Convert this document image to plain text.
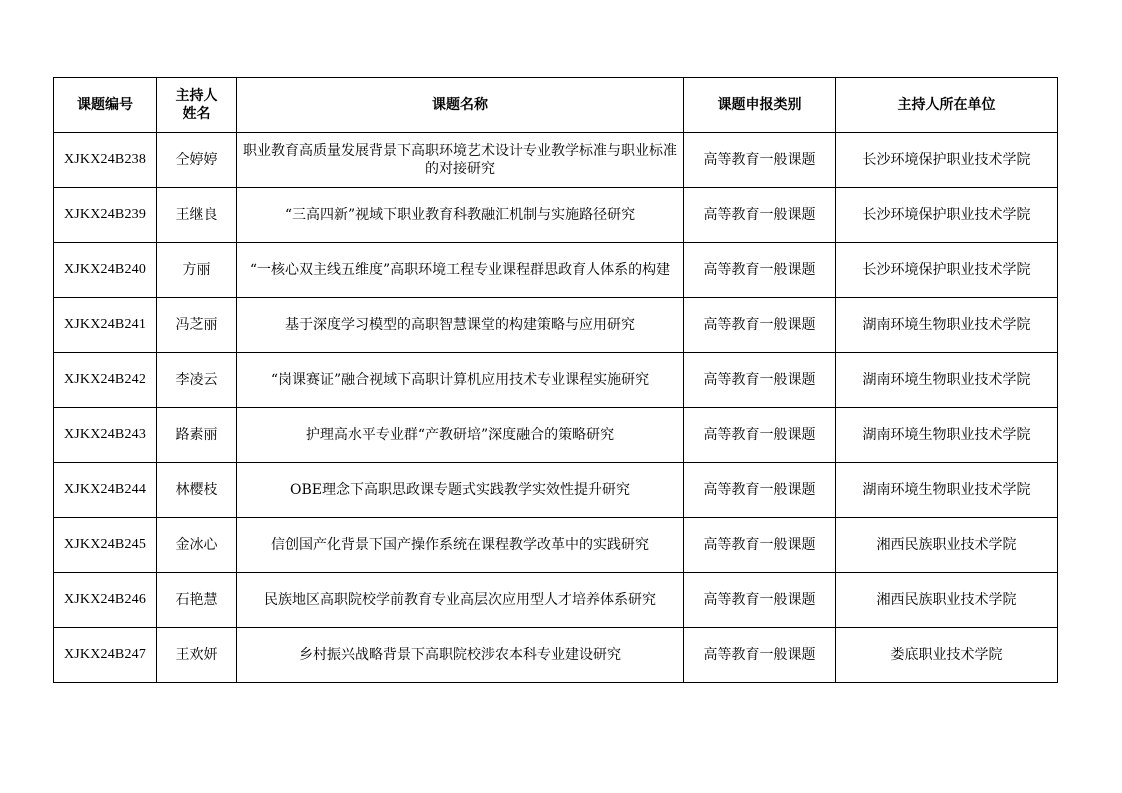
课题编号	主持人姓名	课题名称	课题申报类别	主持人所在单位
XJKX24B238	仝婷婷	职业教育高质量发展背景下高职环境艺术设计专业教学标准与职业标准的对接研究	高等教育一般课题	长沙环境保护职业技术学院
XJKX24B239	王继良	“三高四新”视域下职业教育科教融汇机制与实施路径研究	高等教育一般课题	长沙环境保护职业技术学院
XJKX24B240	方丽	“一核心双主线五维度”高职环境工程专业课程群思政育人体系的构建	高等教育一般课题	长沙环境保护职业技术学院
XJKX24B241	冯芝丽	基于深度学习模型的高职智慧课堂的构建策略与应用研究	高等教育一般课题	湖南环境生物职业技术学院
XJKX24B242	李凌云	“岗课赛证”融合视域下高职计算机应用技术专业课程实施研究	高等教育一般课题	湖南环境生物职业技术学院
XJKX24B243	路素丽	护理高水平专业群“产教研培”深度融合的策略研究	高等教育一般课题	湖南环境生物职业技术学院
XJKX24B244	林樱枝	OBE理念下高职思政课专题式实践教学实效性提升研究	高等教育一般课题	湖南环境生物职业技术学院
XJKX24B245	金冰心	信创国产化背景下国产操作系统在课程教学改革中的实践研究	高等教育一般课题	湘西民族职业技术学院
XJKX24B246	石艳慧	民族地区高职院校学前教育专业高层次应用型人才培养体系研究	高等教育一般课题	湘西民族职业技术学院
XJKX24B247	王欢妍	乡村振兴战略背景下高职院校涉农本科专业建设研究	高等教育一般课题	娄底职业技术学院
